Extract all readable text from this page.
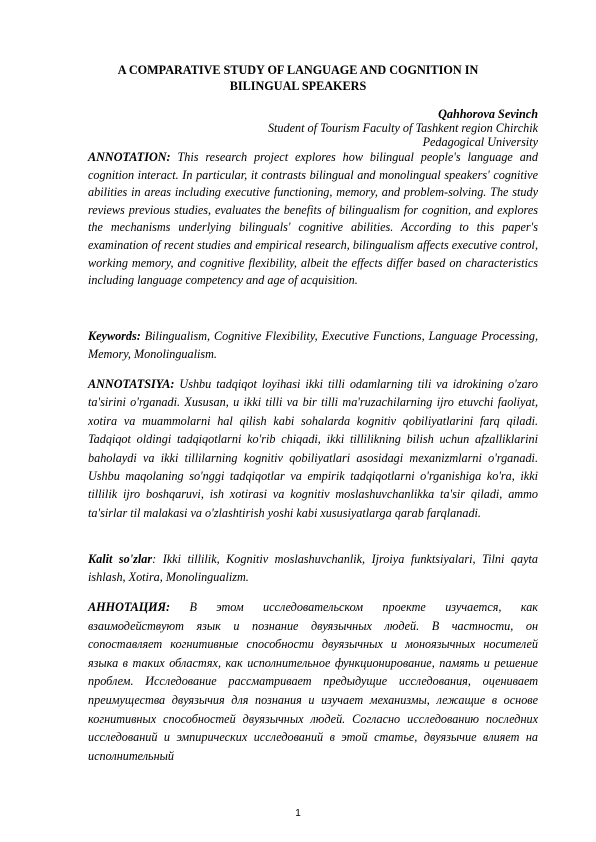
A COMPARATIVE STUDY OF LANGUAGE AND COGNITION IN BILINGUAL SPEAKERS
Qahhorova Sevinch
Student of Tourism Faculty of Tashkent region Chirchik Pedagogical University

ANNOTATION: This research project explores how bilingual people's language and cognition interact. In particular, it contrasts bilingual and monolingual speakers' cognitive abilities in areas including executive functioning, memory, and problem-solving. The study reviews previous studies, evaluates the benefits of bilingualism for cognition, and explores the mechanisms underlying bilinguals' cognitive abilities. According to this paper's examination of recent studies and empirical research, bilingualism affects executive control, working memory, and cognitive flexibility, albeit the effects differ based on characteristics including language competency and age of acquisition.

Keywords: Bilingualism, Cognitive Flexibility, Executive Functions, Language Processing, Memory, Monolingualism.

ANNOTATSIYA: Ushbu tadqiqot loyihasi ikki tilli odamlarning tili va idrokining o'zaro ta'sirini o'rganadi. Xususan, u ikki tilli va bir tilli ma'ruzachilarning ijro etuvchi faoliyat, xotira va muammolarni hal qilish kabi sohalarda kognitiv qobiliyatlarini farq qiladi. Tadqiqot oldingi tadqiqotlarni ko'rib chiqadi, ikki tillilikning bilish uchun afzalliklarini baholaydi va ikki tillilarning kognitiv qobiliyatlari asosidagi mexanizmlarni o'rganadi. Ushbu maqolaning so'nggi tadqiqotlar va empirik tadqiqotlarni o'rganishiga ko'ra, ikki tillilik ijro boshqaruvi, ish xotirasi va kognitiv moslashuvchanlikka ta'sir qiladi, ammo ta'sirlar til malakasi va o'zlashtirish yoshi kabi xususiyatlarga qarab farqlanadi.

Kalit so'zlar: Ikki tillilik, Kognitiv moslashuvchanlik, Ijroiya funktsiyalari, Tilni qayta ishlash, Xotira, Monolingualizm.

АННОТАЦИЯ: В этом исследовательском проекте изучается, как взаимодействуют язык и познание двуязычных людей. В частности, он сопоставляет когнитивные способности двуязычных и моноязычных носителей языка в таких областях, как исполнительное функционирование, память и решение проблем. Исследование рассматривает предыдущие исследования, оценивает преимущества двуязычия для познания и изучает механизмы, лежащие в основе когнитивных способностей двуязычных людей. Согласно исследованию последних исследований и эмпирических исследований в этой статье, двуязычие влияет на исполнительный

1
